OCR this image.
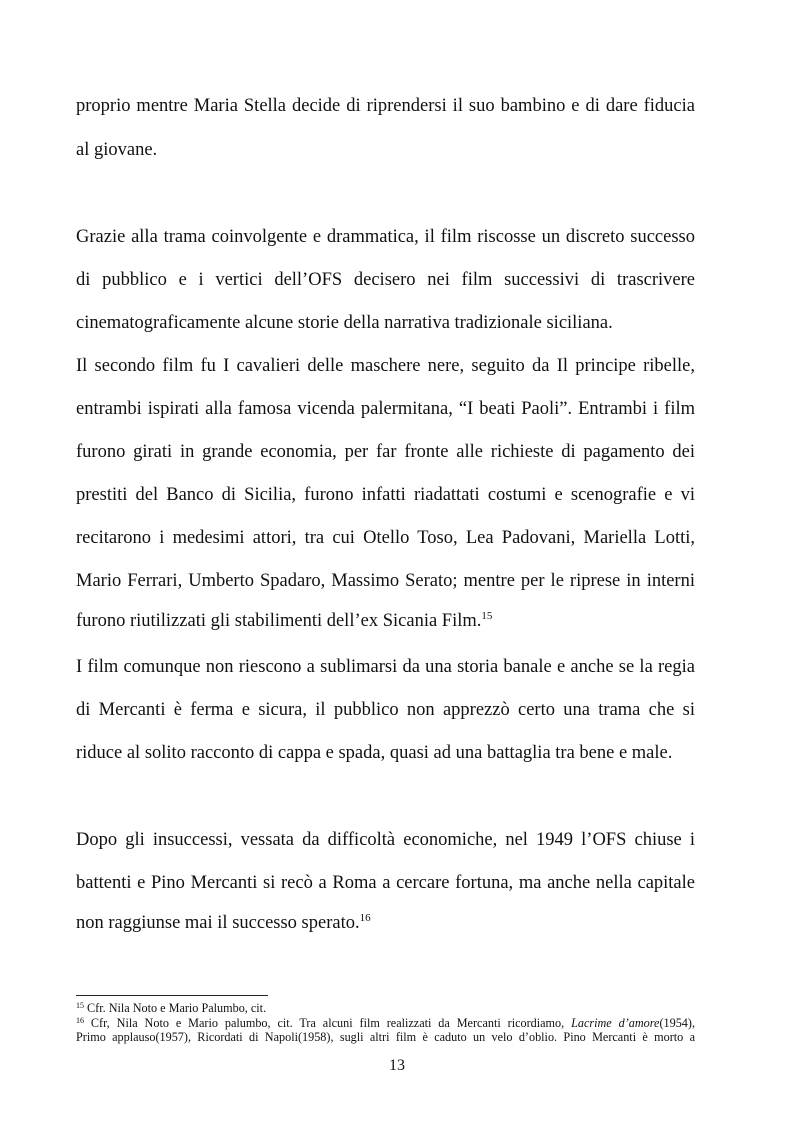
proprio mentre Maria Stella decide di riprendersi il suo bambino e di dare fiducia
al giovane.
Grazie alla trama coinvolgente e drammatica, il film riscosse un discreto successo
di pubblico e i vertici dell’OFS decisero nei film successivi di trascrivere
cinematograficamente alcune storie della narrativa tradizionale siciliana.
Il secondo film fu I cavalieri delle maschere nere, seguito da Il principe ribelle,
entrambi ispirati alla famosa vicenda palermitana, “I beati Paoli”. Entrambi i film
furono girati in grande economia, per far fronte alle richieste di pagamento dei
prestiti del Banco di Sicilia, furono infatti riadattati costumi e scenografie e vi
recitarono i medesimi attori, tra cui Otello Toso, Lea Padovani, Mariella Lotti,
Mario Ferrari, Umberto Spadaro, Massimo Serato; mentre per le riprese in interni
furono riutilizzati gli stabilimenti dell’ex Sicania Film.$^{15}$
I film comunque non riescono a sublimarsi da una storia banale e anche se la regia
di Mercanti è ferma e sicura, il pubblico non apprezzò certo una trama che si
riduce al solito racconto di cappa e spada, quasi ad una battaglia tra bene e male.
Dopo gli insuccessi, vessata da difficoltà economiche, nel 1949 l’OFS chiuse i
battenti e Pino Mercanti si recò a Roma a cercare fortuna, ma anche nella capitale
non raggiunse mai il successo sperato.$^{16}$
$^{15}$ Cfr. Nila Noto e Mario Palumbo, cit.
$^{16}$ Cfr, Nila Noto e Mario palumbo, cit. Tra alcuni film realizzati da Mercanti ricordiamo, Lacrime d’amore(1954),
Primo applauso(1957), Ricordati di Napoli(1958), sugli altri film è caduto un velo d’oblio. Pino Mercanti è morto a
13
